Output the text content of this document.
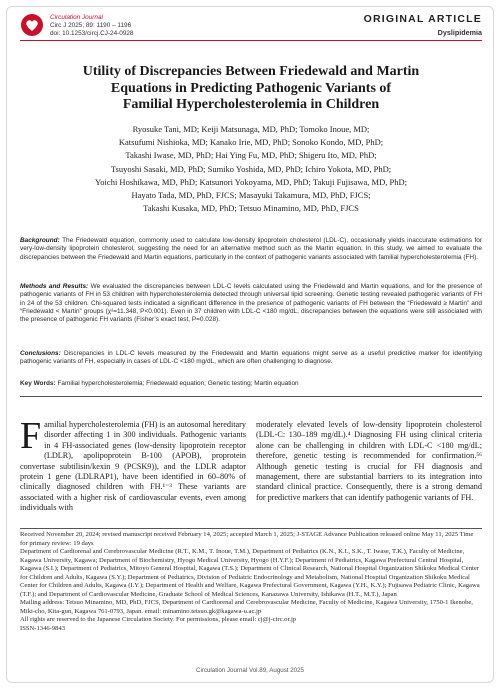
Circulation Journal
Circ J 2025; 89: 1190 – 1196
doi: 10.1253/circj.CJ-24-0928
ORIGINAL ARTICLE
Dyslipidemia
Utility of Discrepancies Between Friedewald and Martin
Equations in Predicting Pathogenic Variants of
Familial Hypercholesterolemia in Children
Ryosuke Tani, MD; Keiji Matsunaga, MD, PhD; Tomoko Inoue, MD;
Katsufumi Nishioka, MD; Kanako Irie, MD, PhD; Sonoko Kondo, MD, PhD;
Takashi Iwase, MD, PhD; Hai Ying Fu, MD, PhD; Shigeru Ito, MD, PhD;
Tsuyoshi Sasaki, MD, PhD; Sumiko Yoshida, MD, PhD; Ichiro Yokota, MD, PhD;
Yoichi Hoshikawa, MD, PhD; Katsunori Yokoyama, MD, PhD; Takuji Fujisawa, MD, PhD;
Hayato Tada, MD, PhD, FJCS; Masayuki Takamura, MD, PhD, FJCS;
Takashi Kusaka, MD, PhD; Tetsuo Minamino, MD, PhD, FJCS
Background: The Friedewald equation, commonly used to calculate low-density lipoprotein cholesterol (LDL-C), occasionally yields inaccurate estimations for very-low-density lipoprotein cholesterol, suggesting the need for an alternative method such as the Martin equation. In this study, we aimed to evaluate the discrepancies between the Friedewald and Martin equations, particularly in the context of pathogenic variants associated with familial hypercholesterolemia (FH).
Methods and Results: We evaluated the discrepancies between LDL-C levels calculated using the Friedewald and Martin equations, and for the presence of pathogenic variants of FH in 53 children with hypercholesterolemia detected through universal lipid screening. Genetic testing revealed pathogenic variants of FH in 24 of the 53 children. Chi-squared tests indicated a significant difference in the presence of pathogenic variants of FH between the “Friedewald ≥ Martin” and “Friedewald < Martin” groups (χ²=11.348, P<0.001). Even in 37 children with LDL-C <180 mg/dL, discrepancies between the equations were still associated with the presence of pathogenic FH variants (Fisher’s exact test, P=0.028).
Conclusions: Discrepancies in LDL-C levels measured by the Friedewald and Martin equations might serve as a useful predictive marker for identifying pathogenic variants of FH, especially in cases of LDL-C <180 mg/dL, which are often challenging to diagnose.
Key Words: Familial hypercholesterolemia; Friedewald equation; Genetic testing; Martin equation
F amilial hypercholesterolemia (FH) is an autosomal hereditary disorder affecting 1 in 300 individuals. Pathogenic variants in 4 FH-associated genes (low-density lipoprotein receptor (LDLR), apolipoprotein B-100 (APOB), proprotein convertase subtilisin/kexin 9 (PCSK9)), and the LDLR adaptor protein 1 gene (LDLRAP1), have been identified in 60–80% of clinically diagnosed children with FH.¹⁻³ These variants are associated with a higher risk of cardiovascular events, even among individuals with
moderately elevated levels of low-density lipoprotein cholesterol (LDL-C: 130–189 mg/dL).⁴ Diagnosing FH using clinical criteria alone can be challenging in children with LDL-C <180 mg/dL; therefore, genetic testing is recommended for confirmation.⁵⁶ Although genetic testing is crucial for FH diagnosis and management, there are substantial barriers to its integration into standard clinical practice. Consequently, there is a strong demand for predictive markers that can identify pathogenic variants of FH.

Received November 20, 2024; revised manuscript received February 14, 2025; accepted March 1, 2025; J-STAGE Advance Publication released online May 11, 2025 Time for primary review: 19 days

Department of Cardiorenal and Cerebrovascular Medicine (R.T., K.M., T. Inoue, T.M.), Department of Pediatrics (K.N., K.I., S.K., T. Iwase, T.K.), Faculty of Medicine, Kagawa University, Kagawa; Department of Biochemistry, Hyogo Medical University, Hyogo (H.Y.F.); Department of Pediatrics, Kagawa Prefectural Central Hospital, Kagawa (S.I.); Department of Pediatrics, Mitoyo General Hospital, Kagawa (T.S.); Department of Clinical Research, National Hospital Organization Shikoku Medical Center for Children and Adults, Kagawa (S.Y.); Department of Pediatrics, Division of Pediatric Endocrinology and Metabolism, National Hospital Organization Shikoku Medical Center for Children and Adults, Kagawa (I.Y.); Department of Health and Welfare, Kagawa Prefectural Government, Kagawa (Y.H., K.Y.); Fujisawa Pediatric Clinic, Kagawa (T.F.); and Department of Cardiovascular Medicine, Graduate School of Medical Sciences, Kanazawa University, Ishikawa (H.T., M.T.), Japan

Mailing address: Tetsuo Minamino, MD, PhD, FJCS, Department of Cardiorenal and Cerebrovascular Medicine, Faculty of Medicine, Kagawa University, 1750-1 Ikenobe, Miki-cho, Kita-gun, Kagawa 761-0793, Japan. email: minamino.tetsuo.gk@kagawa-u.ac.jp

All rights are reserved to the Japanese Circulation Society. For permissions, please email: cj@j-circ.or.jp

ISSN-1346-9843

Circulation Journal Vol.89, August 2025
